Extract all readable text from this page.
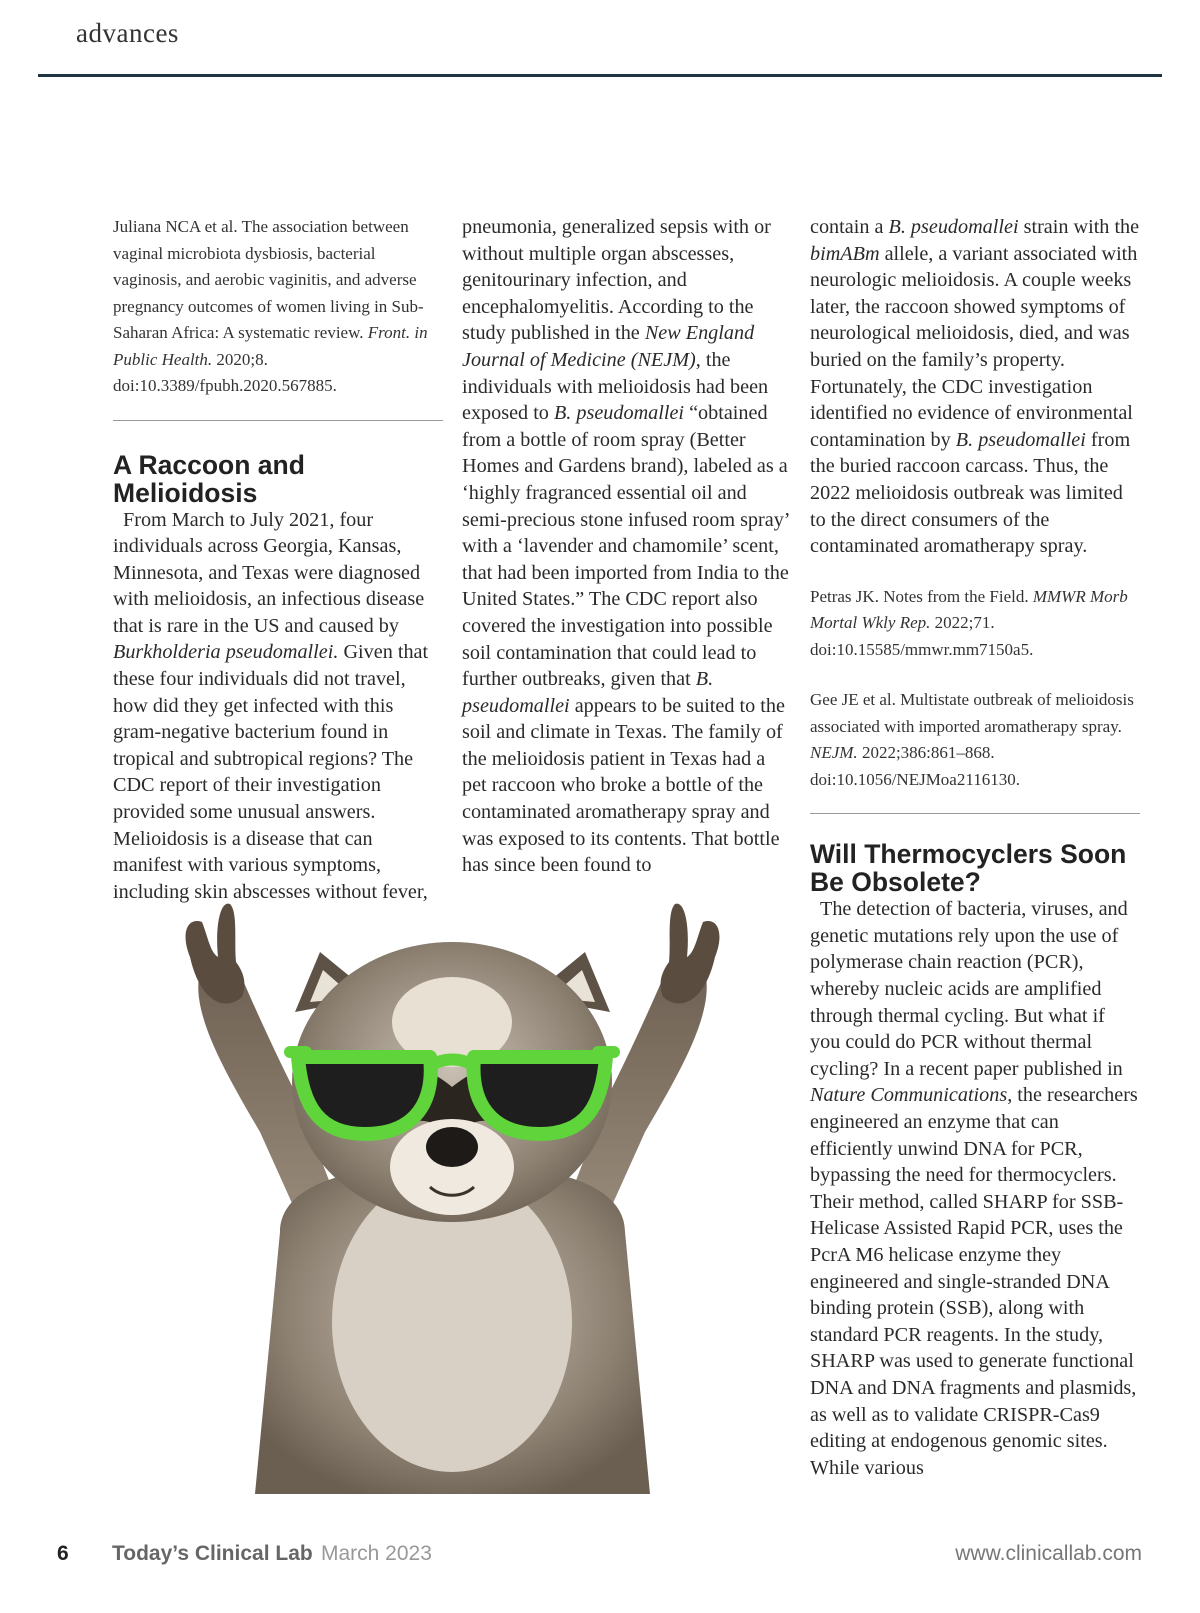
advances

Juliana NCA et al. The association between vaginal microbiota dysbiosis, bacterial vaginosis, and aerobic vaginitis, and adverse pregnancy outcomes of women living in Sub-Saharan Africa: A systematic review. Front. in Public Health. 2020;8. doi:10.3389/fpubh.2020.567885.

A Raccoon and Melioidosis

From March to July 2021, four individuals across Georgia, Kansas, Minnesota, and Texas were diagnosed with melioidosis, an infectious disease that is rare in the US and caused by Burkholderia pseudomallei. Given that these four individuals did not travel, how did they get infected with this gram-negative bacterium found in tropical and subtropical regions? The CDC report of their investigation provided some unusual answers. Melioidosis is a disease that can manifest with various symptoms, including skin abscesses without fever,

pneumonia, generalized sepsis with or without multiple organ abscesses, genitourinary infection, and encephalomyelitis. According to the study published in the New England Journal of Medicine (NEJM), the individuals with melioidosis had been exposed to B. pseudomallei “obtained from a bottle of room spray (Better Homes and Gardens brand), labeled as a ‘highly fragranced essential oil and semi-precious stone infused room spray’ with a ‘lavender and chamomile’ scent, that had been imported from India to the United States.” The CDC report also covered the investigation into possible soil contamination that could lead to further outbreaks, given that B. pseudomallei appears to be suited to the soil and climate in Texas. The family of the melioidosis patient in Texas had a pet raccoon who broke a bottle of the contaminated aromatherapy spray and was exposed to its contents. That bottle has since been found to

contain a B. pseudomallei strain with the bimABm allele, a variant associated with neurologic melioidosis. A couple weeks later, the raccoon showed symptoms of neurological melioidosis, died, and was buried on the family’s property. Fortunately, the CDC investigation identified no evidence of environmental contamination by B. pseudomallei from the buried raccoon carcass. Thus, the 2022 melioidosis outbreak was limited to the direct consumers of the contaminated aromatherapy spray.

Petras JK. Notes from the Field. MMWR Morb Mortal Wkly Rep. 2022;71. doi:10.15585/mmwr.mm7150a5.

Gee JE et al. Multistate outbreak of melioidosis associated with imported aromatherapy spray. NEJM. 2022;386:861–868. doi:10.1056/NEJMoa2116130.

Will Thermocyclers Soon Be Obsolete?

The detection of bacteria, viruses, and genetic mutations rely upon the use of polymerase chain reaction (PCR), whereby nucleic acids are amplified through thermal cycling. But what if you could do PCR without thermal cycling? In a recent paper published in Nature Communications, the researchers engineered an enzyme that can efficiently unwind DNA for PCR, bypassing the need for thermocyclers. Their method, called SHARP for SSB-Helicase Assisted Rapid PCR, uses the PcrA M6 helicase enzyme they engineered and single-stranded DNA binding protein (SSB), along with standard PCR reagents. In the study, SHARP was used to generate functional DNA and DNA fragments and plasmids, as well as to validate CRISPR-Cas9 editing at endogenous genomic sites. While various

6 Today’s Clinical Lab March 2023	www.clinicallab.com
